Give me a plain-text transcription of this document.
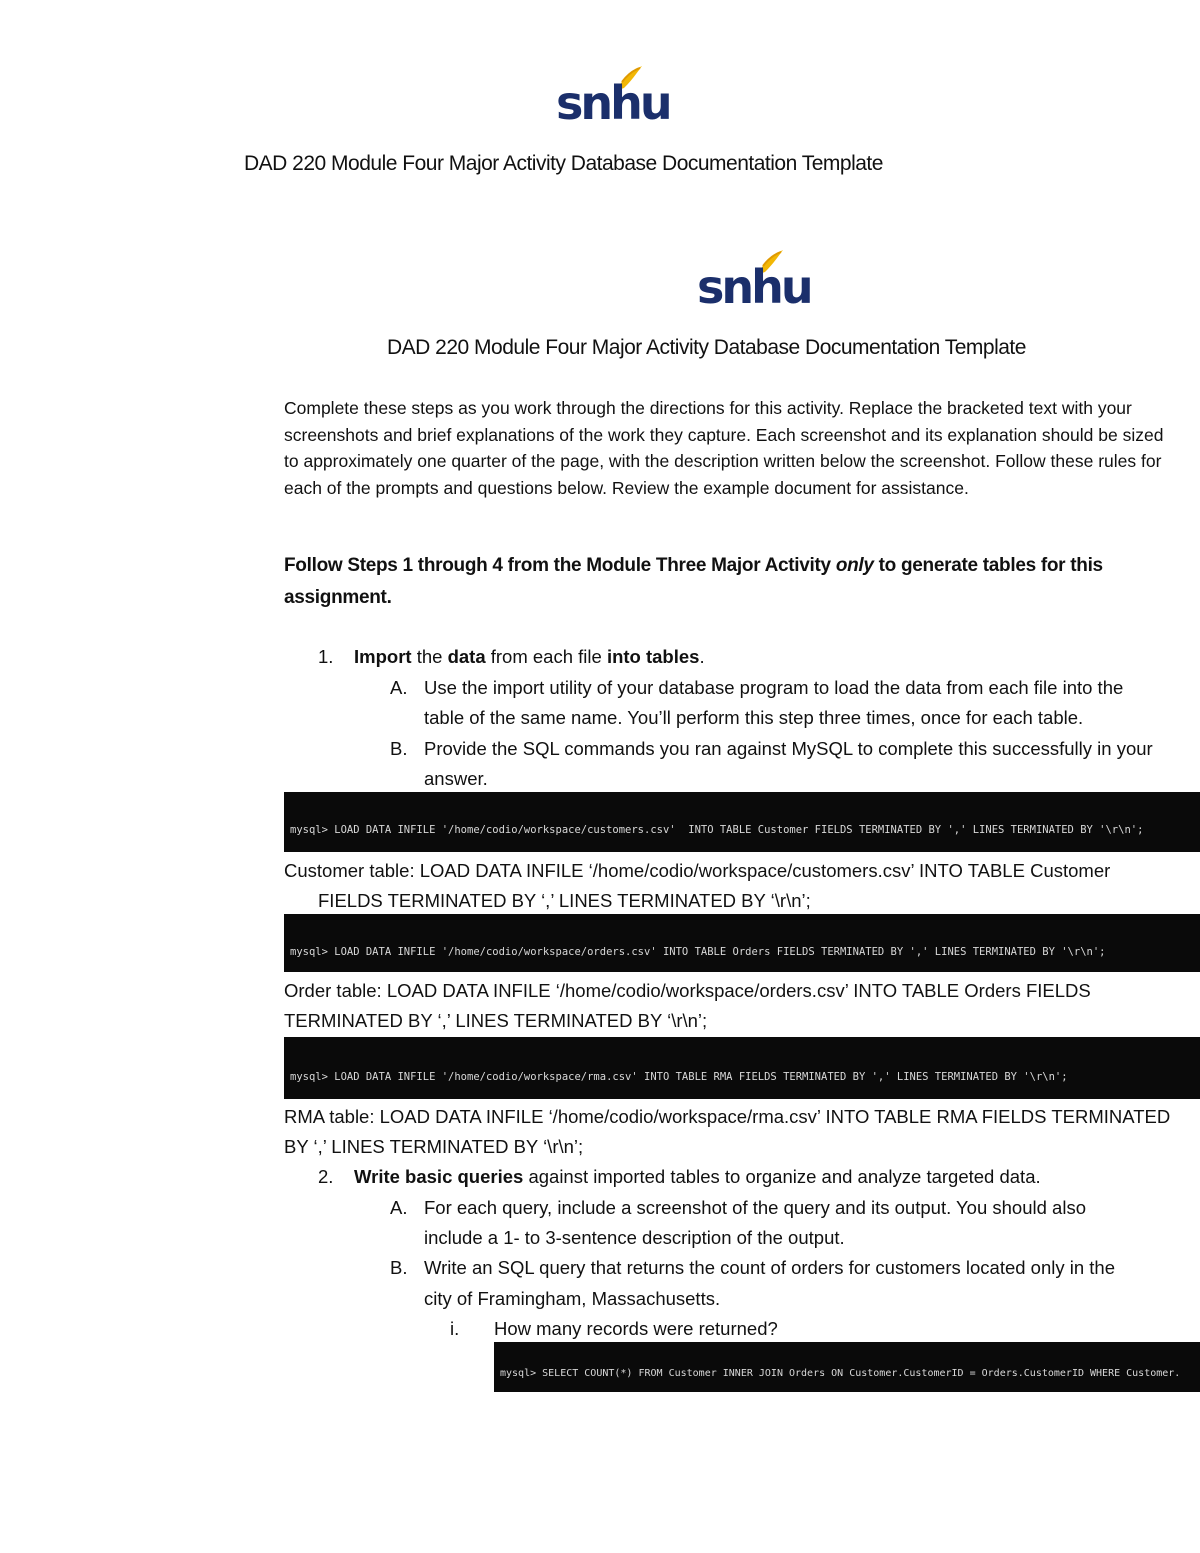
snhu
DAD 220 Module Four Major Activity Database Documentation Template
snhu
DAD 220 Module Four Major Activity Database Documentation Template
Complete these steps as you work through the directions for this activity. Replace the bracketed text with your screenshots and brief explanations of the work they capture. Each screenshot and its explanation should be sized to approximately one quarter of the page, with the description written below the screenshot. Follow these rules for each of the prompts and questions below. Review the example document for assistance.
Follow Steps 1 through 4 from the Module Three Major Activity only to generate tables for this
assignment.
1. Import the data from each file into tables.
A. Use the import utility of your database program to load the data from each file into the
table of the same name. You’ll perform this step three times, once for each table.
B. Provide the SQL commands you ran against MySQL to complete this successfully in your
answer.

mysql> LOAD DATA INFILE '/home/codio/workspace/customers.csv'  INTO TABLE Customer FIELDS TERMINATED BY ',' LINES TERMINATED BY '\r\n';

Customer table: LOAD DATA INFILE ‘/home/codio/workspace/customers.csv’ INTO TABLE Customer
FIELDS TERMINATED BY ‘,’ LINES TERMINATED BY ‘\r\n’;

mysql> LOAD DATA INFILE '/home/codio/workspace/orders.csv' INTO TABLE Orders FIELDS TERMINATED BY ',' LINES TERMINATED BY '\r\n';

Order table: LOAD DATA INFILE ‘/home/codio/workspace/orders.csv’ INTO TABLE Orders FIELDS
TERMINATED BY ‘,’ LINES TERMINATED BY ‘\r\n’;

mysql> LOAD DATA INFILE '/home/codio/workspace/rma.csv' INTO TABLE RMA FIELDS TERMINATED BY ',' LINES TERMINATED BY '\r\n';

RMA table: LOAD DATA INFILE ‘/home/codio/workspace/rma.csv’ INTO TABLE RMA FIELDS TERMINATED
BY ‘,’ LINES TERMINATED BY ‘\r\n’;
2. Write basic queries against imported tables to organize and analyze targeted data.
A. For each query, include a screenshot of the query and its output. You should also
include a 1- to 3-sentence description of the output.
B. Write an SQL query that returns the count of orders for customers located only in the
city of Framingham, Massachusetts.
i. How many records were returned?

mysql> SELECT COUNT(*) FROM Customer INNER JOIN Orders ON Customer.CustomerID = Orders.CustomerID WHERE Customer.
